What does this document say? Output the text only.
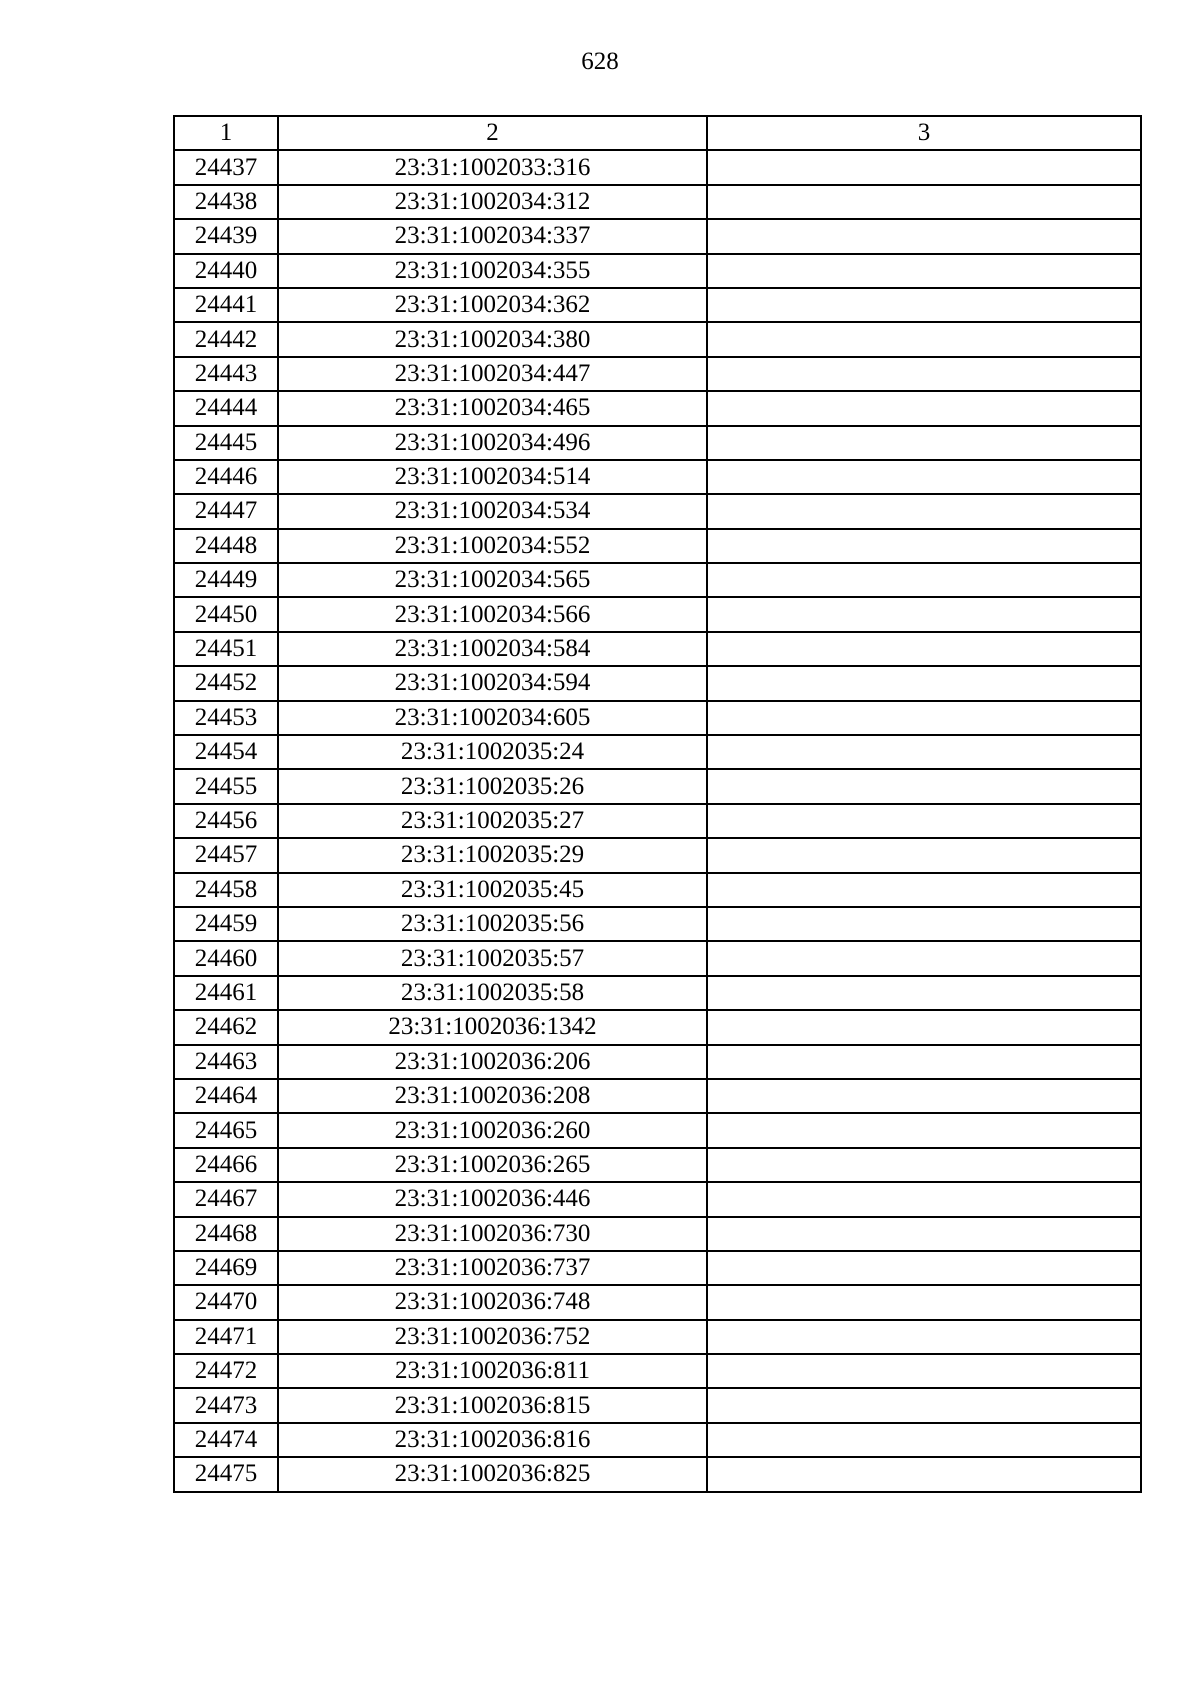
628
1	2	3
24437	23:31:1002033:316	
24438	23:31:1002034:312	
24439	23:31:1002034:337	
24440	23:31:1002034:355	
24441	23:31:1002034:362	
24442	23:31:1002034:380	
24443	23:31:1002034:447	
24444	23:31:1002034:465	
24445	23:31:1002034:496	
24446	23:31:1002034:514	
24447	23:31:1002034:534	
24448	23:31:1002034:552	
24449	23:31:1002034:565	
24450	23:31:1002034:566	
24451	23:31:1002034:584	
24452	23:31:1002034:594	
24453	23:31:1002034:605	
24454	23:31:1002035:24	
24455	23:31:1002035:26	
24456	23:31:1002035:27	
24457	23:31:1002035:29	
24458	23:31:1002035:45	
24459	23:31:1002035:56	
24460	23:31:1002035:57	
24461	23:31:1002035:58	
24462	23:31:1002036:1342	
24463	23:31:1002036:206	
24464	23:31:1002036:208	
24465	23:31:1002036:260	
24466	23:31:1002036:265	
24467	23:31:1002036:446	
24468	23:31:1002036:730	
24469	23:31:1002036:737	
24470	23:31:1002036:748	
24471	23:31:1002036:752	
24472	23:31:1002036:811	
24473	23:31:1002036:815	
24474	23:31:1002036:816	
24475	23:31:1002036:825	
